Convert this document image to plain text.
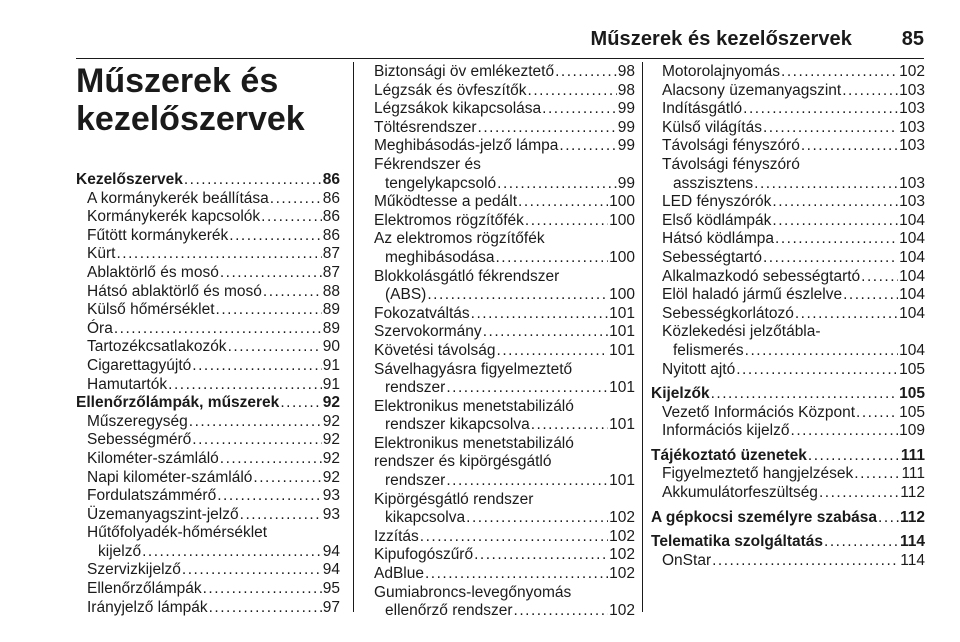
Műszerek és kezelőszervek 85
Műszerek és
kezelőszervek
Kezelőszervek . . .	86
A kormánykerék beállítása . . .	86
Kormánykerék kapcsolók . . .	86
Fűtött kormánykerék . . .	86
Kürt . . .	87
Ablaktörlő és mosó . . .	87
Hátsó ablaktörlő és mosó . . .	88
Külső hőmérséklet . . .	89
Óra . . .	89
Tartozékcsatlakozók . . .	90
Cigarettagyújtó . . .	91
Hamutartók . . .	91
Ellenőrzőlámpák, műszerek . . .	92
Műszeregység . . .	92
Sebességmérő . . .	92
Kilométer-számláló . . .	92
Napi kilométer-számláló . . .	92
Fordulatszámmérő . . .	93
Üzemanyagszint-jelző . . .	93
Hűtőfolyadék-hőmérséklet
kijelző . . .	94
Szervizkijelző . . .	94
Ellenőrzőlámpák . . .	95
Irányjelző lámpák . . .	97
Biztonsági öv emlékeztető . . .	98
Légzsák és övfeszítők . . .	98
Légzsákok kikapcsolása . . .	99
Töltésrendszer . . .	99
Meghibásodás-jelző lámpa . . .	99
Fékrendszer és
tengelykapcsoló . . .	99
Működtesse a pedált . . .	100
Elektromos rögzítőfék . . .	100
Az elektromos rögzítőfék
meghibásodása . . .	100
Blokkolásgátló fékrendszer
(ABS) . . .	100
Fokozatváltás . . .	101
Szervokormány . . .	101
Követési távolság . . .	101
Sávelhagyásra figyelmeztető
rendszer . . .	101
Elektronikus menetstabilizáló
rendszer kikapcsolva . . .	101
Elektronikus menetstabilizáló
rendszer és kipörgésgátló
rendszer . . .	101
Kipörgésgátló rendszer
kikapcsolva . . .	102
Izzítás . . .	102
Kipufogószűrő . . .	102
AdBlue . . .	102
Gumiabroncs-levegőnyomás
ellenőrző rendszer . . .	102
Motorolajnyomás . . .	102
Alacsony üzemanyagszint . . .	103
Indításgátló . . .	103
Külső világítás . . .	103
Távolsági fényszóró . . .	103
Távolsági fényszóró
asszisztens . . .	103
LED fényszórók . . .	103
Első ködlámpák . . .	104
Hátsó ködlámpa . . .	104
Sebességtartó . . .	104
Alkalmazkodó sebességtartó . . .	104
Elöl haladó jármű észlelve . . .	104
Sebességkorlátozó . . .	104
Közlekedési jelzőtábla-
felismerés . . .	104
Nyitott ajtó . . .	105
Kijelzők . . .	105
Vezető Információs Központ . . .	105
Információs kijelző . . .	109
Tájékoztató üzenetek . . .	111
Figyelmeztető hangjelzések . . .	111
Akkumulátorfeszültség . . .	112
A gépkocsi személyre szabása . . . 112
Telematika szolgáltatás . . .	114
OnStar . . .	114
